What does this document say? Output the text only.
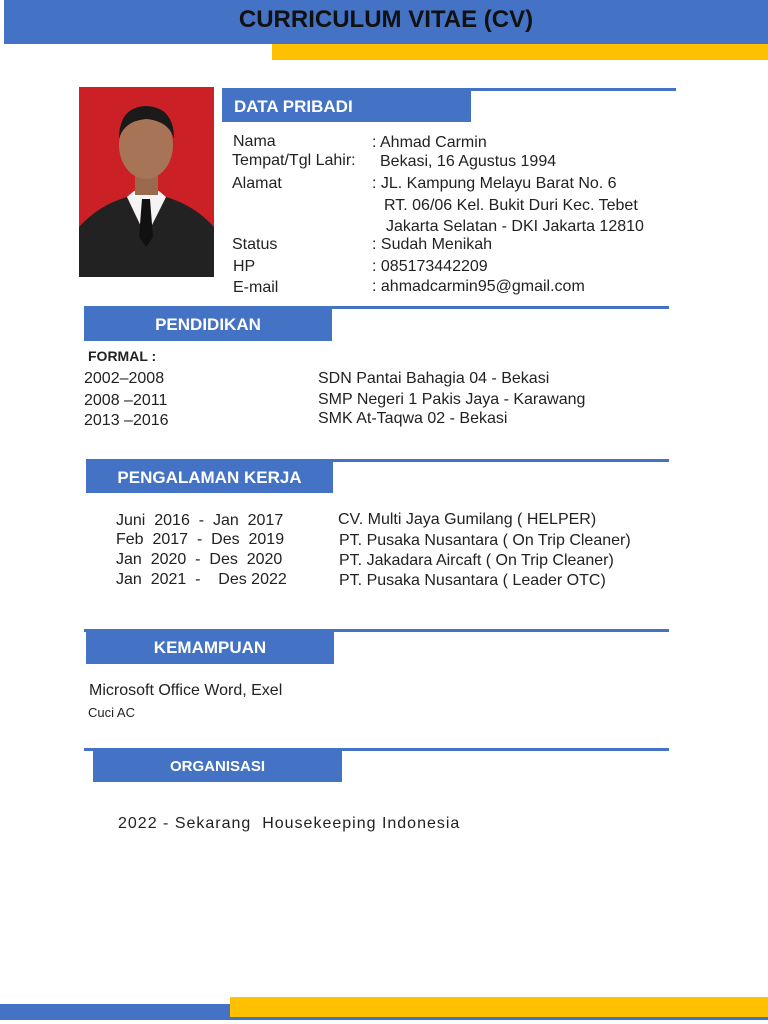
CURRICULUM VITAE (CV)
DATA PRIBADI
Nama	: Ahmad Carmin
Tempat/Tgl Lahir: Bekasi, 16 Agustus 1994
Alamat	: JL. Kampung Melayu Barat No. 6
RT. 06/06 Kel. Bukit Duri Kec. Tebet
Jakarta Selatan - DKI Jakarta 12810
Status	: Sudah Menikah
HP	: 085173442209
E-mail	: ahmadcarmin95@gmail.com
PENDIDIKAN
FORMAL :
2002–2008	SDN Pantai Bahagia 04 - Bekasi
2008 –2011	SMP Negeri 1 Pakis Jaya - Karawang
2013 –2016	SMK At-Taqwa 02 - Bekasi
PENGALAMAN KERJA
Juni  2016  -  Jan  2017	CV. Multi Jaya Gumilang ( HELPER)
Feb  2017  -  Des  2019	PT. Pusaka Nusantara ( On Trip Cleaner)
Jan  2020  -  Des  2020	PT. Jakadara Aircaft ( On Trip Cleaner)
Jan  2021  -    Des 2022	PT. Pusaka Nusantara ( Leader OTC)
KEMAMPUAN
Microsoft Office Word, Exel
Cuci AC
ORGANISASI
2022 - Sekarang  Housekeeping Indonesia
